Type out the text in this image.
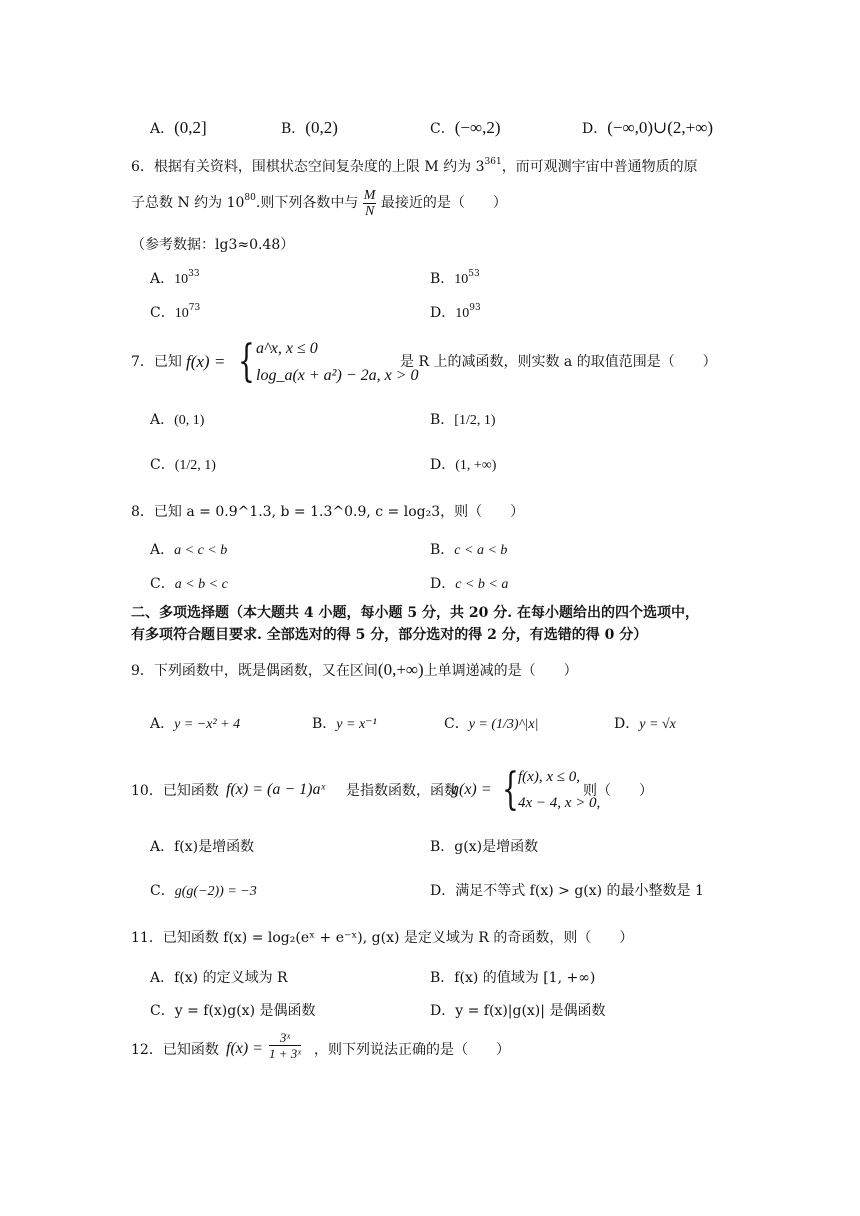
A．(0,2]	B．(0,2)	C．(−∞,2)	D．(−∞,0)∪(2,+∞)
6．根据有关资料，围棋状态空间复杂度的上限 M 约为 $3^{361}$，而可观测宇宙中普通物质的原
子总数 N 约为 $10^{80}$.则下列各数中与 $\frac{M}{N}$ 最接近的是（　　）
（参考数据：lg3≈0.48）
A．$10^{33}$	B．$10^{53}$
C．$10^{73}$	D．$10^{93}$
7．已知 f(x) = { a^x, x ≤ 0
log_a(x + a²) − 2a, x > 0
是 R 上的减函数，则实数 a 的取值范围是（　　）
A．(0, 1)	B．[1/2, 1)
C．(1/2, 1)	D．(1, +∞)
8．已知 a = 0.9^1.3, b = 1.3^0.9, c = log₂3，则（　　）
A．a < c < b	B．c < a < b
C．a < b < c	D．c < b < a
二、多项选择题（本大题共 4 小题，每小题 5 分，共 20 分. 在每小题给出的四个选项中，
有多项符合题目要求. 全部选对的得 5 分，部分选对的得 2 分，有选错的得 0 分）
9．下列函数中，既是偶函数，又在区间(0,+∞)上单调递减的是（　　）
A．y = −x² + 4	B．y = x⁻¹	C．y = (1/3)^|x|	D．y = √x
10．已知函数 f(x) = (a − 1)aˣ 是指数函数，函数
g(x) = { f(x), x ≤ 0,
4x − 4, x > 0,
则（　　）
A．f(x)是增函数	B．g(x)是增函数
C．g(g(−2)) = −3	D．满足不等式 f(x) > g(x) 的最小整数是 1
11．已知函数 f(x) = log₂(eˣ + e⁻ˣ), g(x) 是定义域为 R 的奇函数，则（　　）
A．f(x) 的定义域为 R	B．f(x) 的值域为 [1, +∞)
C．y = f(x)g(x) 是偶函数	D．y = f(x)|g(x)| 是偶函数
12．已知函数 $f(x) = \frac{\text{3ˣ}}{\text{1 + 3ˣ}}$ ，则下列说法正确的是（　　）
